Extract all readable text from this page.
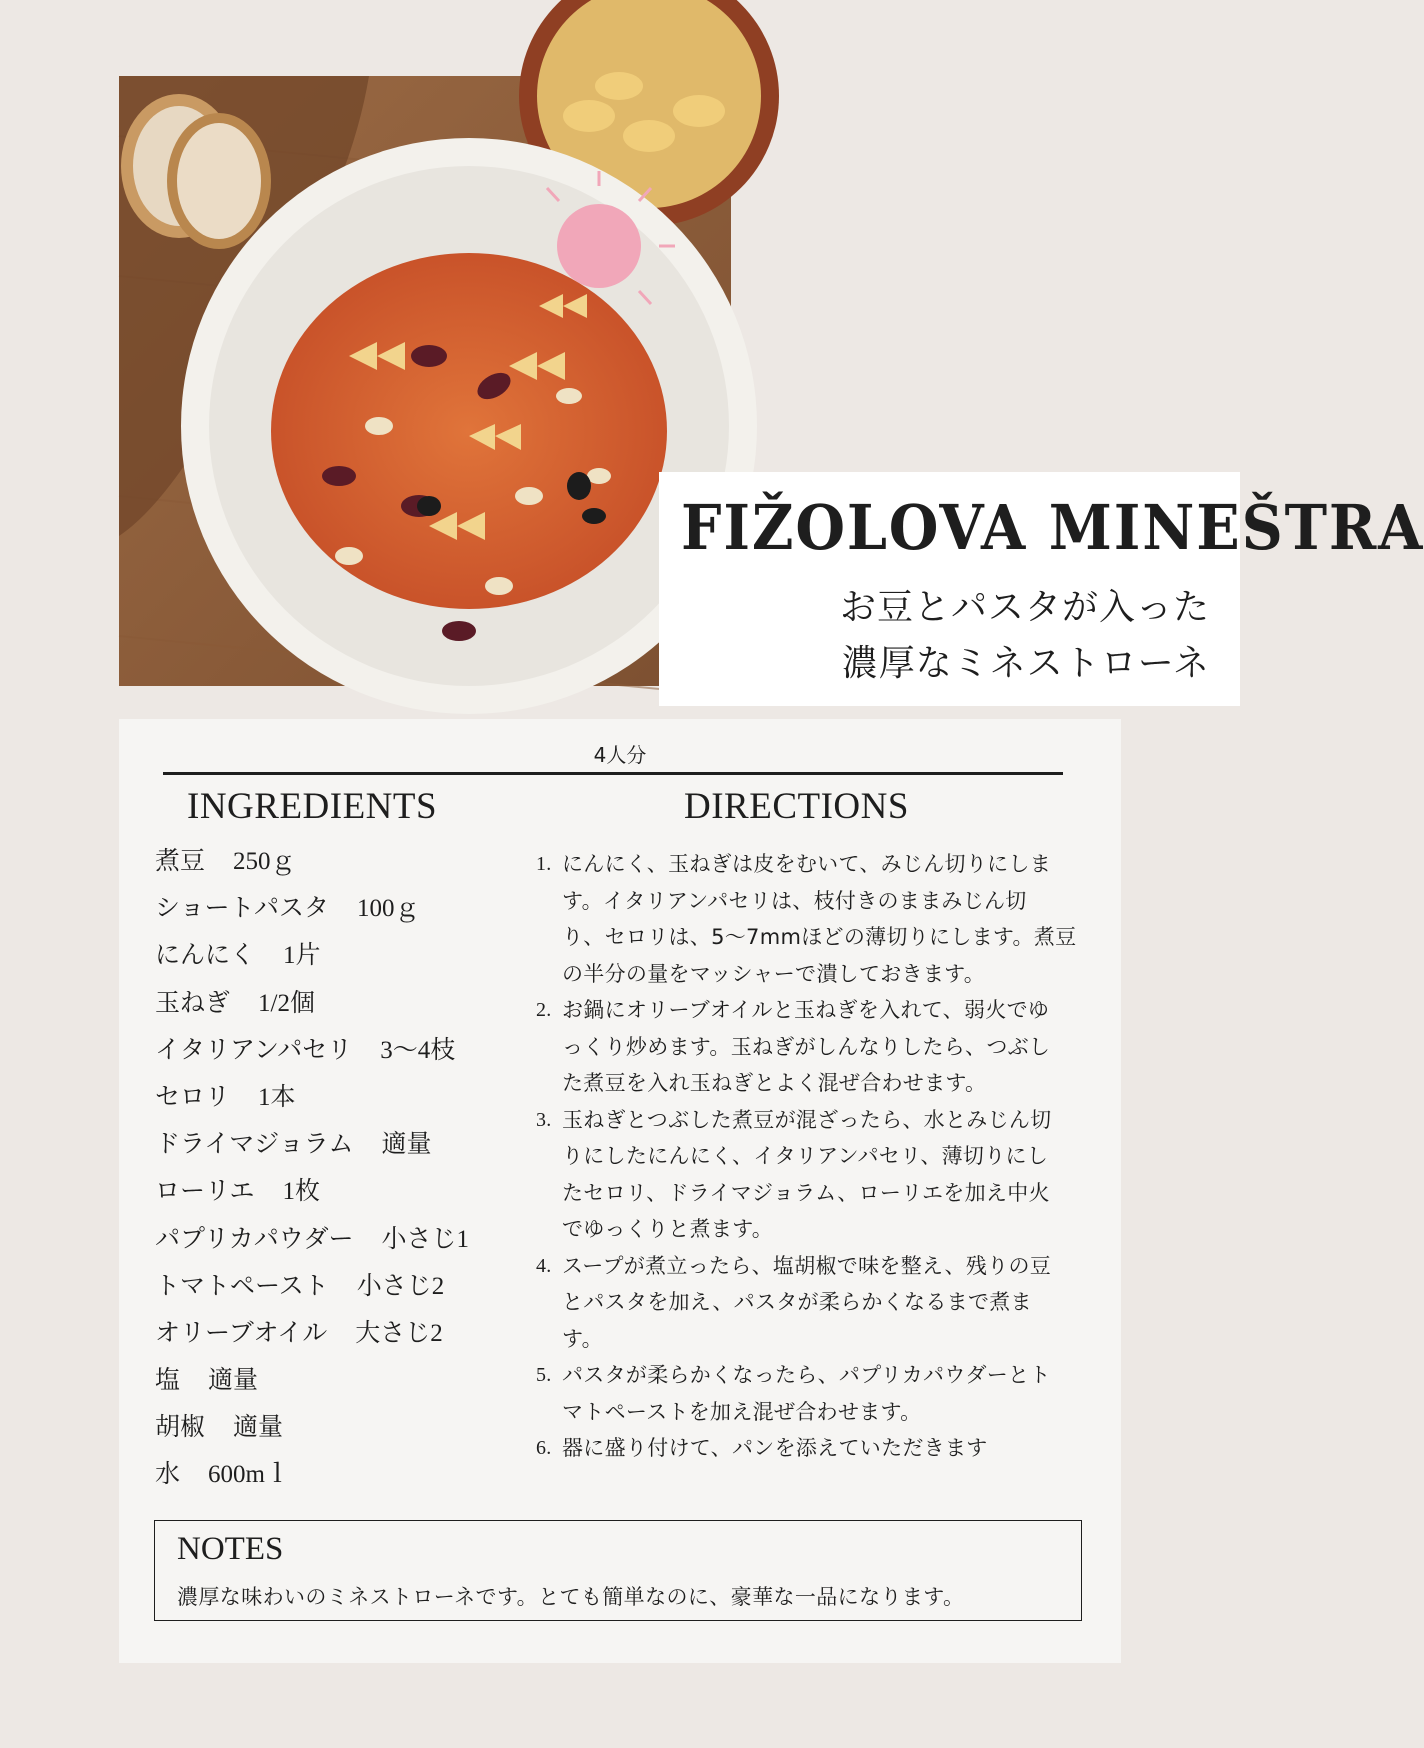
FIŽOLOVA MINEŠTRA
お豆とパスタが入った
濃厚なミネストローネ
4人分
INGREDIENTS	DIRECTIONS
煮豆 250ｇ
ショートパスタ 100ｇ
にんにく 1片
玉ねぎ 1/2個
イタリアンパセリ 3〜4枝
セロリ 1本
ドライマジョラム 適量
ローリエ 1枚
パプリカパウダー 小さじ1
トマトペースト 小さじ2
オリーブオイル 大さじ2
塩 適量
胡椒 適量
水 600mｌ
1. にんにく、玉ねぎは皮をむいて、みじん切りにしま
す。イタリアンパセリは、枝付きのままみじん切
り、セロリは、5〜7mmほどの薄切りにします。煮豆
の半分の量をマッシャーで潰しておきます。
2. お鍋にオリーブオイルと玉ねぎを入れて、弱火でゆ
っくり炒めます。玉ねぎがしんなりしたら、つぶし
た煮豆を入れ玉ねぎとよく混ぜ合わせます。
3. 玉ねぎとつぶした煮豆が混ざったら、水とみじん切
りにしたにんにく、イタリアンパセリ、薄切りにし
たセロリ、ドライマジョラム、ローリエを加え中火
でゆっくりと煮ます。
4. スープが煮立ったら、塩胡椒で味を整え、残りの豆
とパスタを加え、パスタが柔らかくなるまで煮ま
す。
5. パスタが柔らかくなったら、パプリカパウダーとト
マトペーストを加え混ぜ合わせます。
6. 器に盛り付けて、パンを添えていただきます
NOTES
濃厚な味わいのミネストローネです。とても簡単なのに、豪華な一品になります。
